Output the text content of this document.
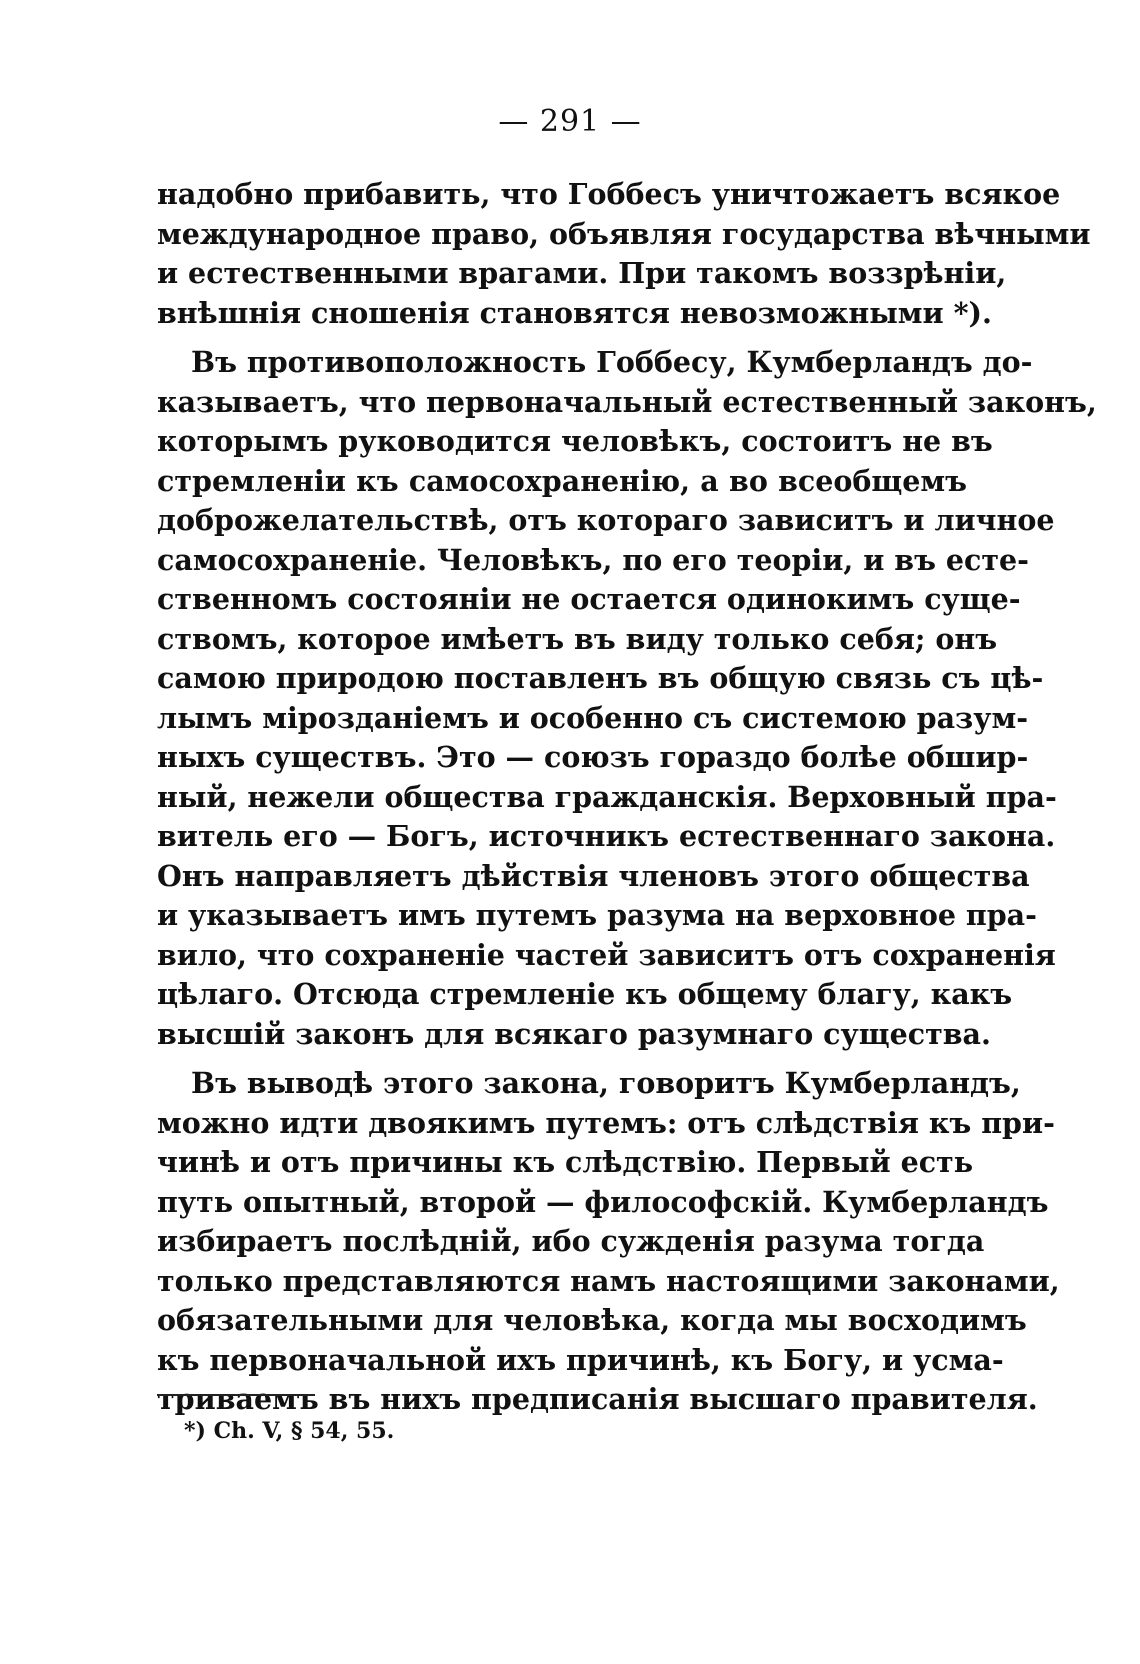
— 291 —
надобно прибавить, что Гоббесъ уничтожаетъ всякое
международное право, объявляя государства вѣчными
и естественными врагами. При такомъ воззрѣніи,
внѣшнія сношенія становятся невозможными *).
Въ противоположность Гоббесу, Кумберландъ до-
казываетъ, что первоначальный естественный законъ,
которымъ руководится человѣкъ, состоитъ не въ
стремленіи къ самосохраненію, а во всеобщемъ
доброжелательствѣ, отъ котораго зависитъ и личное
самосохраненіе. Человѣкъ, по его теоріи, и въ есте-
ственномъ состояніи не остается одинокимъ суще-
ствомъ, которое имѣетъ въ виду только себя; онъ
самою природою поставленъ въ общую связь съ цѣ-
лымъ мірозданіемъ и особенно съ системою разум-
ныхъ существъ. Это — союзъ гораздо болѣе обшир-
ный, нежели общества гражданскія. Верховный пра-
витель его — Богъ, источникъ естественнаго закона.
Онъ направляетъ дѣйствія членовъ этого общества
и указываетъ имъ путемъ разума на верховное пра-
вило, что сохраненіе частей зависитъ отъ сохраненія
цѣлаго. Отсюда стремленіе къ общему благу, какъ
высшій законъ для всякаго разумнаго существа.
Въ выводѣ этого закона, говоритъ Кумберландъ,
можно идти двоякимъ путемъ: отъ слѣдствія къ при-
чинѣ и отъ причины къ слѣдствію. Первый есть
путь опытный, второй — философскій. Кумберландъ
избираетъ послѣдній, ибо сужденія разума тогда
только представляются намъ настоящими законами,
обязательными для человѣка, когда мы восходимъ
къ первоначальной ихъ причинѣ, къ Богу, и усма-
триваемъ въ нихъ предписанія высшаго правителя.
*) Ch. V, § 54, 55.
